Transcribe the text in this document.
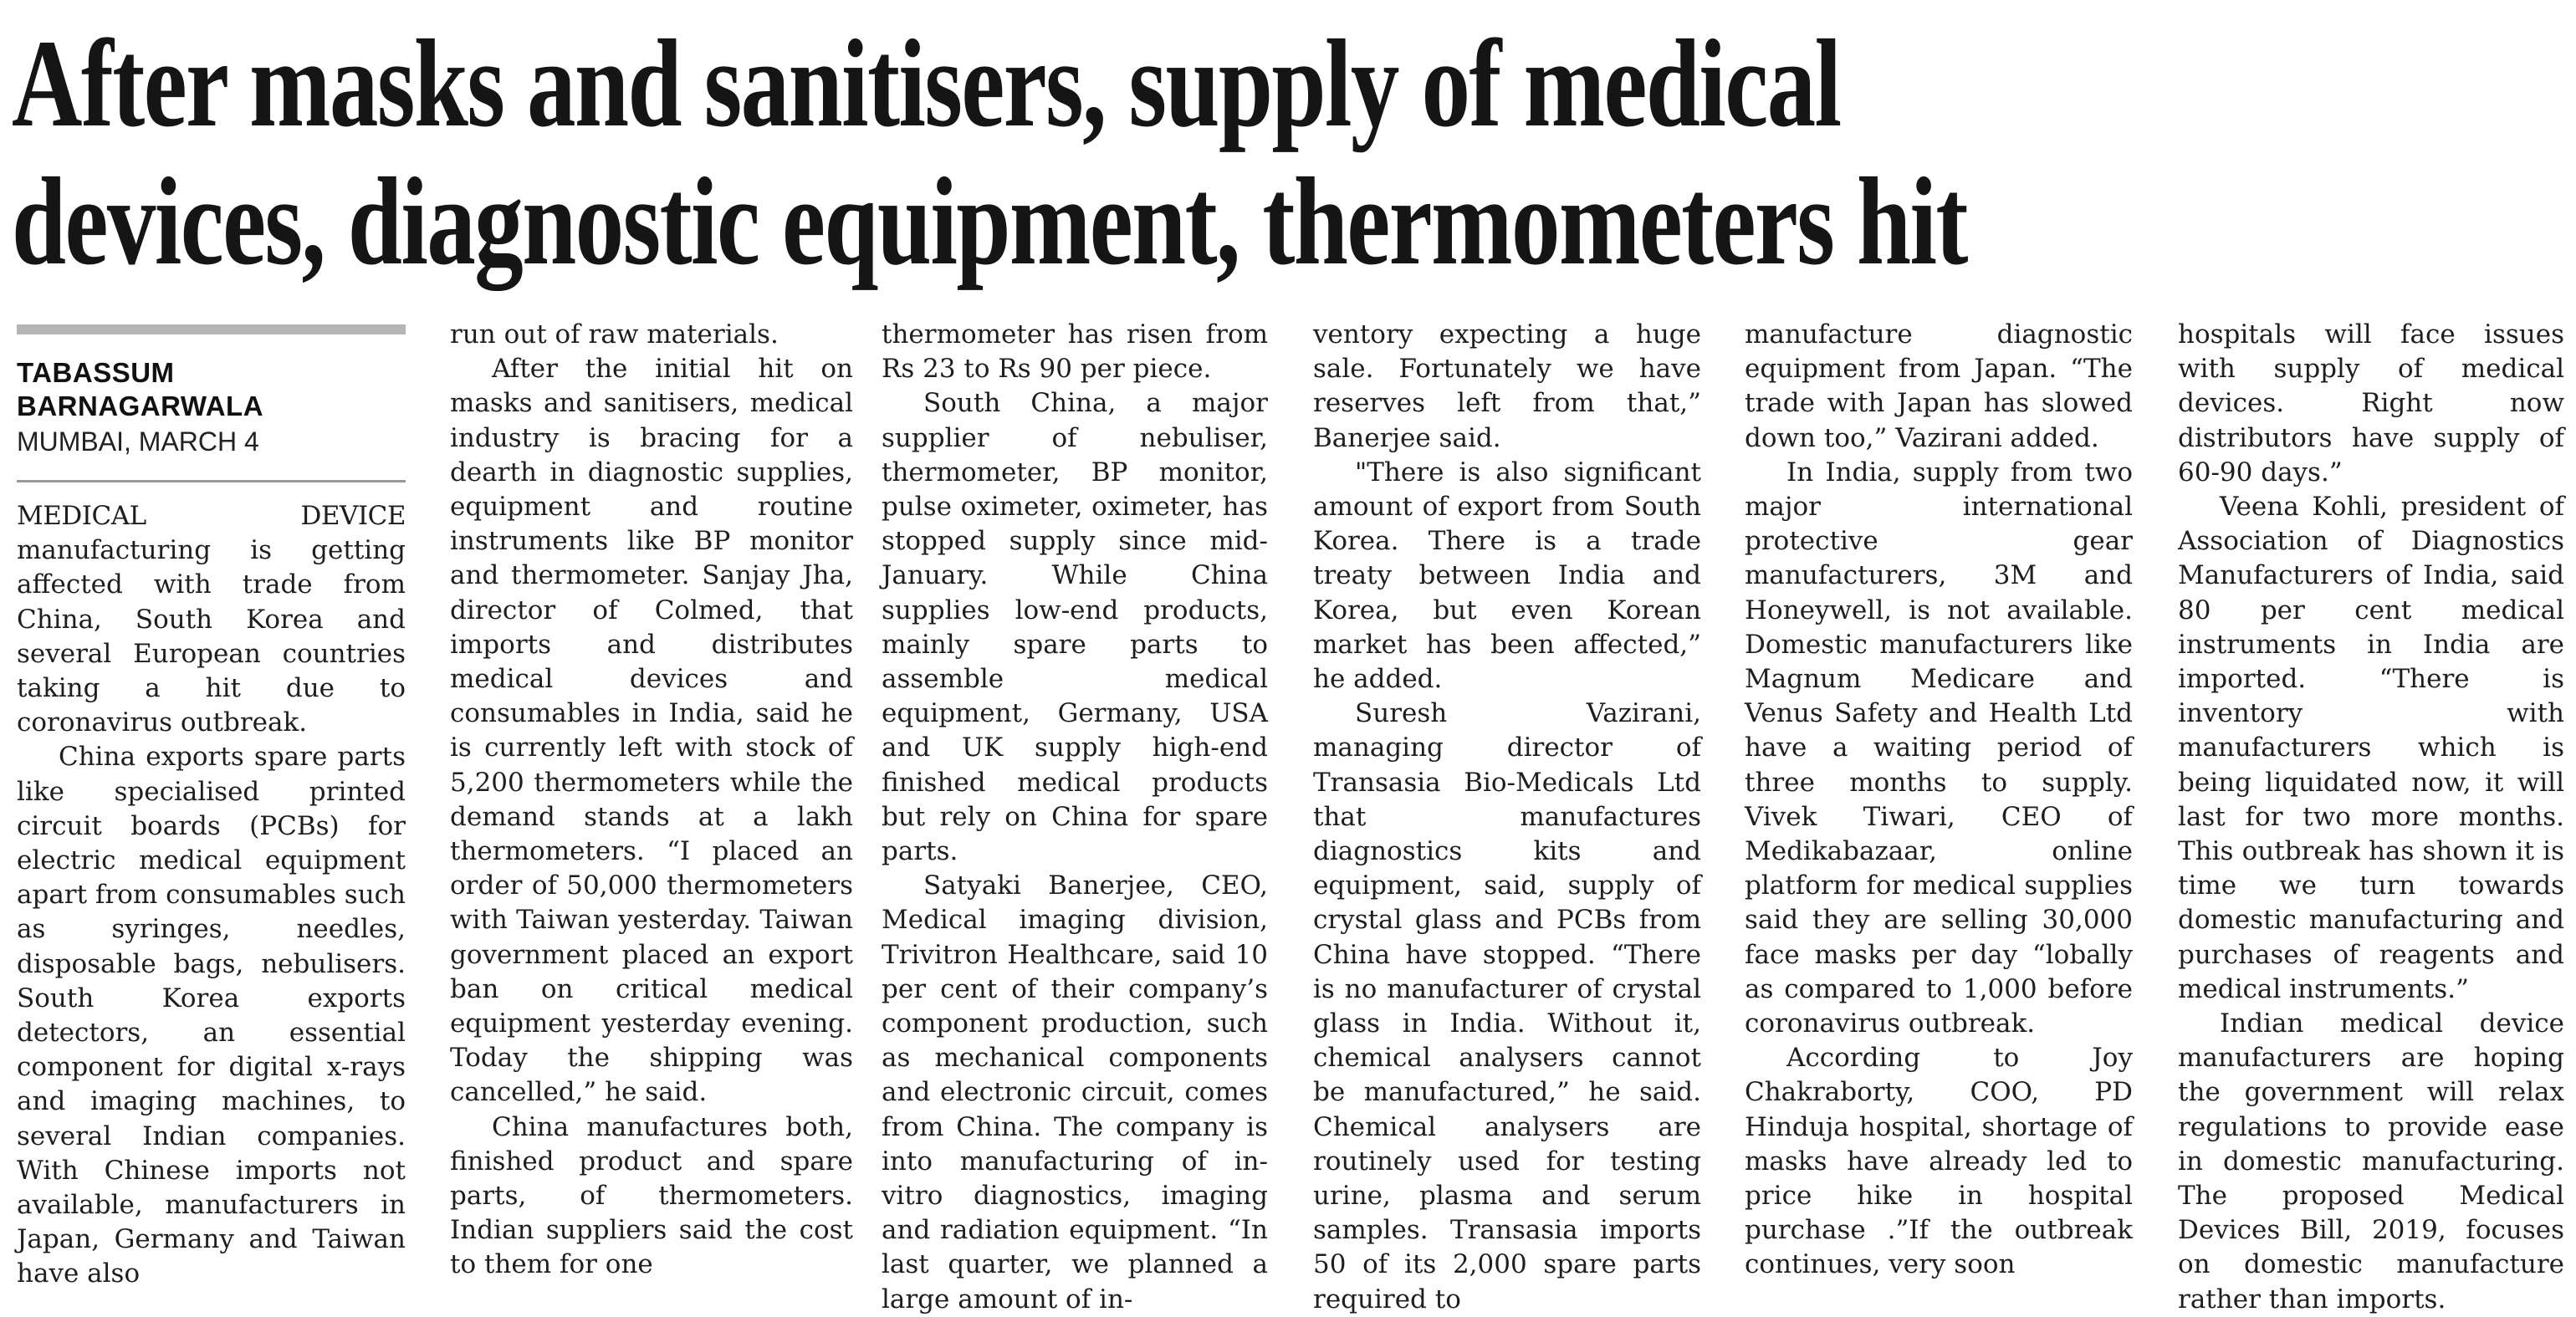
After masks and sanitisers, supply of medical
devices, diagnostic equipment, thermometers hit
TABASSUM
BARNAGARWALA
MUMBAI, MARCH 4

MEDICAL DEVICE manufacturing is getting affected with trade from China, South Korea and several European countries taking a hit due to coronavirus outbreak.

China exports spare parts like specialised printed circuit boards (PCBs) for electric medical equipment apart from consumables such as syringes, needles, disposable bags, nebulisers. South Korea exports detectors, an essential component for digital x-rays and imaging machines, to several Indian companies. With Chinese imports not available, manufacturers in Japan, Germany and Taiwan have also

run out of raw materials.

After the initial hit on masks and sanitisers, medical industry is bracing for a dearth in diagnostic supplies, equipment and routine instruments like BP monitor and thermometer. Sanjay Jha, director of Colmed, that imports and distributes medical devices and consumables in India, said he is currently left with stock of 5,200 thermometers while the demand stands at a lakh thermometers. “I placed an order of 50,000 thermometers with Taiwan yesterday. Taiwan government placed an export ban on critical medical equipment yesterday evening. Today the shipping was cancelled,” he said.

China manufactures both, finished product and spare parts, of thermometers. Indian suppliers said the cost to them for one

thermometer has risen from Rs 23 to Rs 90 per piece.

South China, a major supplier of nebuliser, thermometer, BP monitor, pulse oximeter, oximeter, has stopped supply since mid-January. While China supplies low-end products, mainly spare parts to assemble medical equipment, Germany, USA and UK supply high-end finished medical products but rely on China for spare parts.

Satyaki Banerjee, CEO, Medical imaging division, Trivitron Healthcare, said 10 per cent of their company’s component production, such as mechanical components and electronic circuit, comes from China. The company is into manufacturing of in-vitro diagnostics, imaging and radiation equipment. “In last quarter, we planned a large amount of in-

ventory expecting a huge sale. Fortunately we have reserves left from that,” Banerjee said.

"There is also significant amount of export from South Korea. There is a trade treaty between India and Korea, but even Korean market has been affected,” he added.

Suresh Vazirani, managing director of Transasia Bio-Medicals Ltd that manufactures diagnostics kits and equipment, said, supply of crystal glass and PCBs from China have stopped. “There is no manufacturer of crystal glass in India. Without it, chemical analysers cannot be manufactured,” he said. Chemical analysers are routinely used for testing urine, plasma and serum samples. Transasia imports 50 of its 2,000 spare parts required to

manufacture diagnostic equipment from Japan. “The trade with Japan has slowed down too,” Vazirani added.

In India, supply from two major international protective gear manufacturers, 3M and Honeywell, is not available. Domestic manufacturers like Magnum Medicare and Venus Safety and Health Ltd have a waiting period of three months to supply. Vivek Tiwari, CEO of Medikabazaar, online platform for medical supplies said they are selling 30,000 face masks per day “lobally as compared to 1,000 before coronavirus outbreak.

According to Joy Chakraborty, COO, PD Hinduja hospital, shortage of masks have already led to price hike in hospital purchase .”If the outbreak continues, very soon

hospitals will face issues with supply of medical devices. Right now distributors have supply of 60-90 days.”

Veena Kohli, president of Association of Diagnostics Manufacturers of India, said 80 per cent medical instruments in India are imported. “There is inventory with manufacturers which is being liquidated now, it will last for two more months. This outbreak has shown it is time we turn towards domestic manufacturing and purchases of reagents and medical instruments.”

Indian medical device manufacturers are hoping the government will relax regulations to provide ease in domestic manufacturing. The proposed Medical Devices Bill, 2019, focuses on domestic manufacture rather than imports.
